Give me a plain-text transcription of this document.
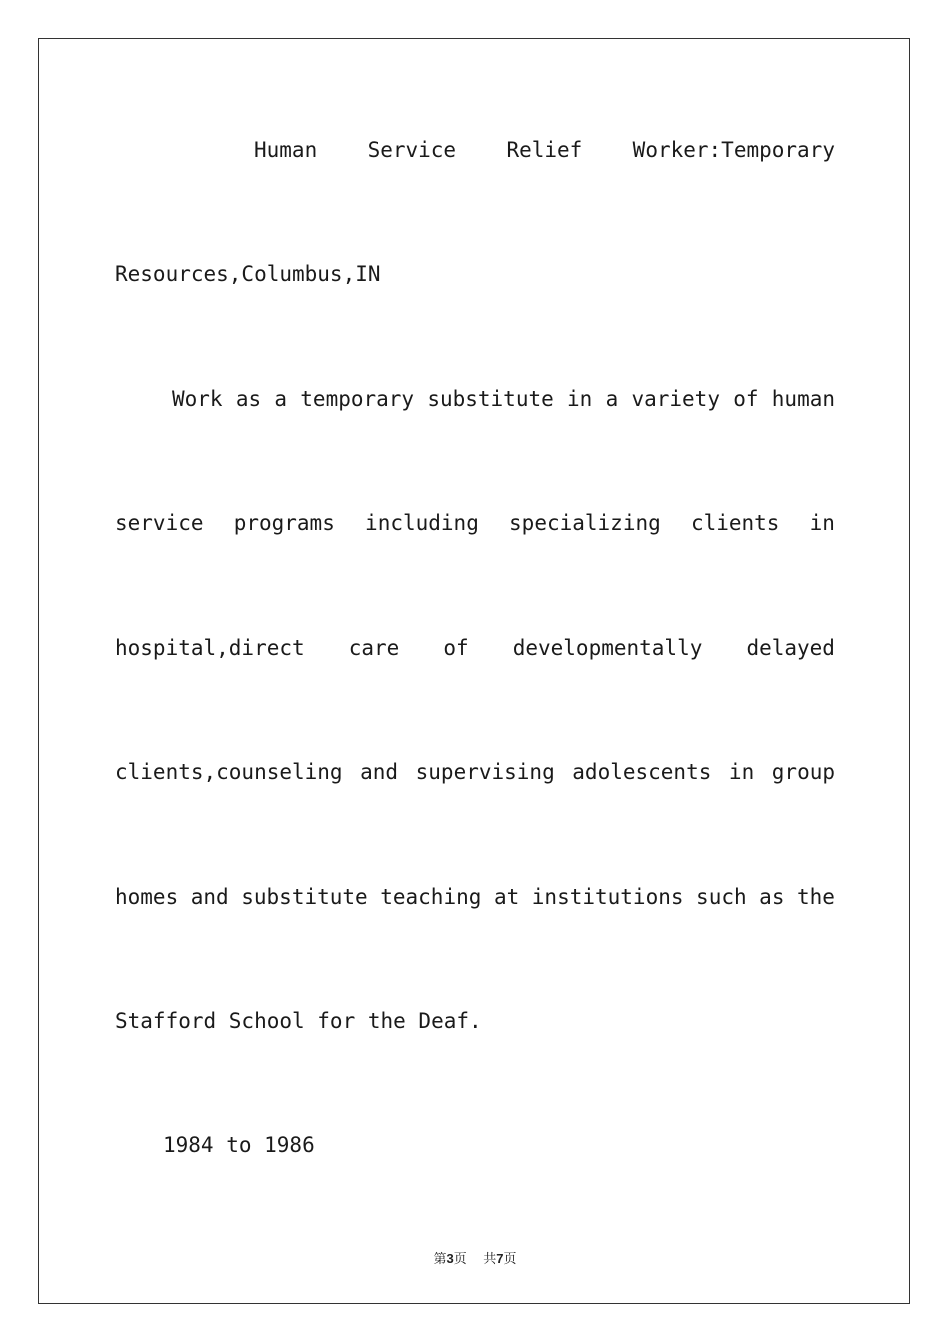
Human Service Relief Worker:Temporary
Resources,Columbus,IN
Work as a temporary substitute in a variety of human
service programs including specializing clients in
hospital,direct care of developmentally delayed
clients,counseling and supervising adolescents in group
homes and substitute teaching at institutions such as the
Stafford School for the Deaf.
1984 to 1986
第3页 共7页
